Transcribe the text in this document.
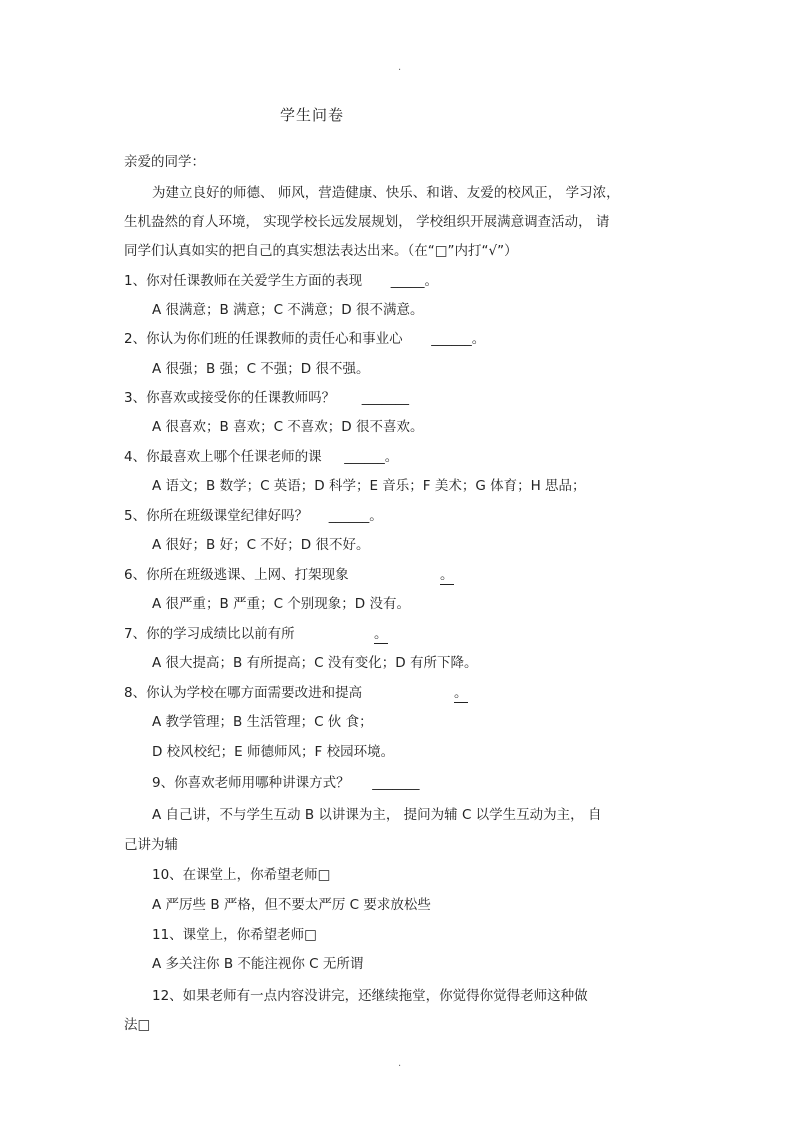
.
学生问卷
亲爱的同学：
为建立良好的师德、 师风，营造健康、快乐、和谐、友爱的校风正， 学习浓，
生机盎然的育人环境， 实现学校长远发展规划， 学校组织开展满意调查活动， 请
同学们认真如实的把自己的真实想法表达出来。（在“□”内打“√”）
1、你对任课教师在关爱学生方面的表现 _____。
A 很满意；B 满意；C 不满意；D 很不满意。
2、你认为你们班的任课教师的责任心和事业心 ______。
A 很强；B 强；C 不强；D 很不强。
3、你喜欢或接受你的任课教师吗？ _______
A 很喜欢；B 喜欢；C 不喜欢；D 很不喜欢。
4、你最喜欢上哪个任课老师的课 ______。
A 语文；B 数学；C 英语；D 科学；E 音乐；F 美术；G 体育；H 思品；
5、你所在班级课堂纪律好吗？ ______。
A 很好；B 好；C 不好；D 很不好。
6、你所在班级逃课、上网、打架现象	。
A 很严重；B 严重；C 个别现象；D 没有。
7、你的学习成绩比以前有所	。
A 很大提高；B 有所提高；C 没有变化；D 有所下降。
8、你认为学校在哪方面需要改进和提高	。
A 教学管理；B 生活管理；C 伙 食；
D 校风校纪；E 师德师风；F 校园环境。
9、你喜欢老师用哪种讲课方式？ _______
A 自己讲，不与学生互动 B 以讲课为主， 提问为辅 C 以学生互动为主， 自
己讲为辅
10、在课堂上，你希望老师□
A 严厉些 B 严格，但不要太严厉 C 要求放松些
11、课堂上，你希望老师□
A 多关注你 B 不能注视你 C 无所谓
12、如果老师有一点内容没讲完，还继续拖堂，你觉得你觉得老师这种做
法□
.
